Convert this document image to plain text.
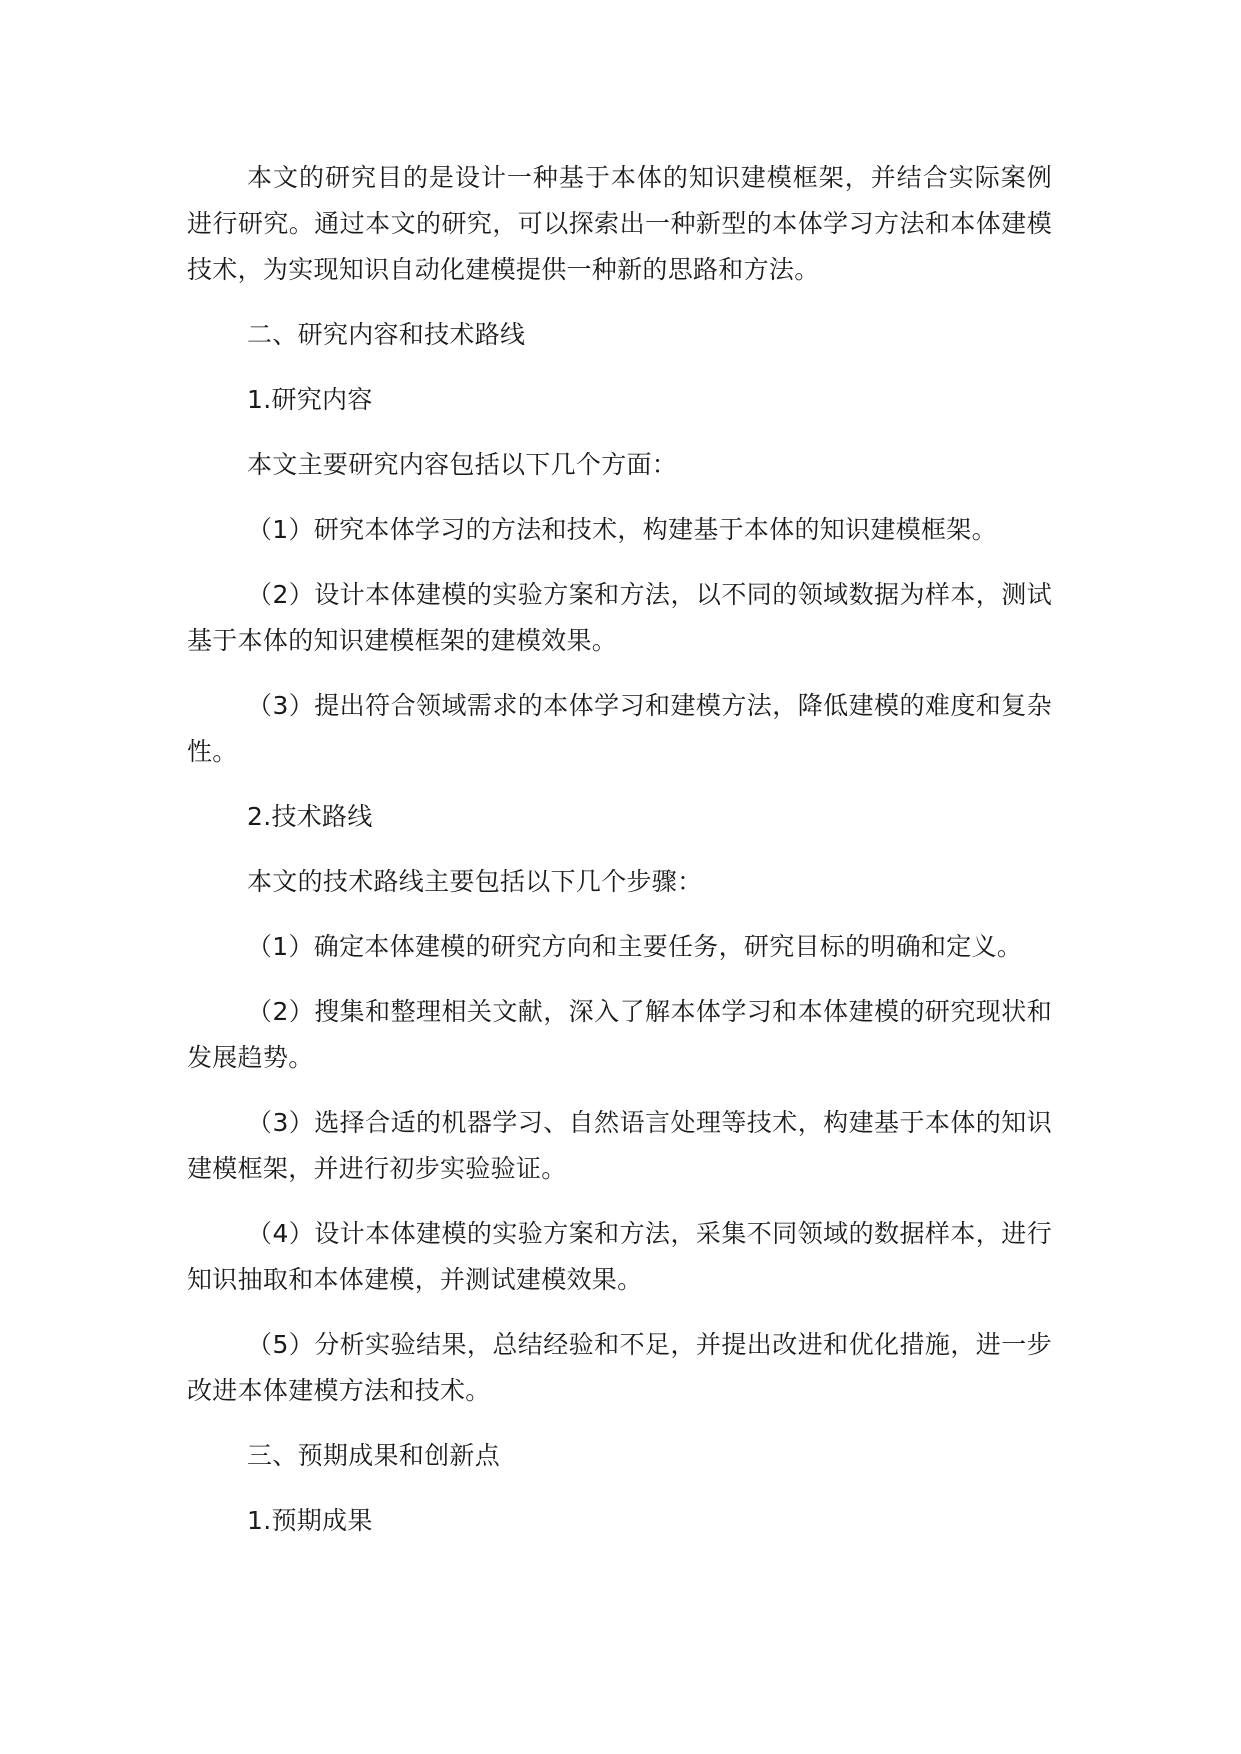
本文的研究目的是设计一种基于本体的知识建模框架，并结合实际案例进行研究。通过本文的研究，可以探索出一种新型的本体学习方法和本体建模技术，为实现知识自动化建模提供一种新的思路和方法。

二、研究内容和技术路线

1.研究内容

本文主要研究内容包括以下几个方面：

（1）研究本体学习的方法和技术，构建基于本体的知识建模框架。

（2）设计本体建模的实验方案和方法，以不同的领域数据为样本，测试基于本体的知识建模框架的建模效果。

（3）提出符合领域需求的本体学习和建模方法，降低建模的难度和复杂性。

2.技术路线

本文的技术路线主要包括以下几个步骤：

（1）确定本体建模的研究方向和主要任务，研究目标的明确和定义。

（2）搜集和整理相关文献，深入了解本体学习和本体建模的研究现状和发展趋势。

（3）选择合适的机器学习、自然语言处理等技术，构建基于本体的知识建模框架，并进行初步实验验证。

（4）设计本体建模的实验方案和方法，采集不同领域的数据样本，进行知识抽取和本体建模，并测试建模效果。

（5）分析实验结果，总结经验和不足，并提出改进和优化措施，进一步改进本体建模方法和技术。

三、预期成果和创新点

1.预期成果
